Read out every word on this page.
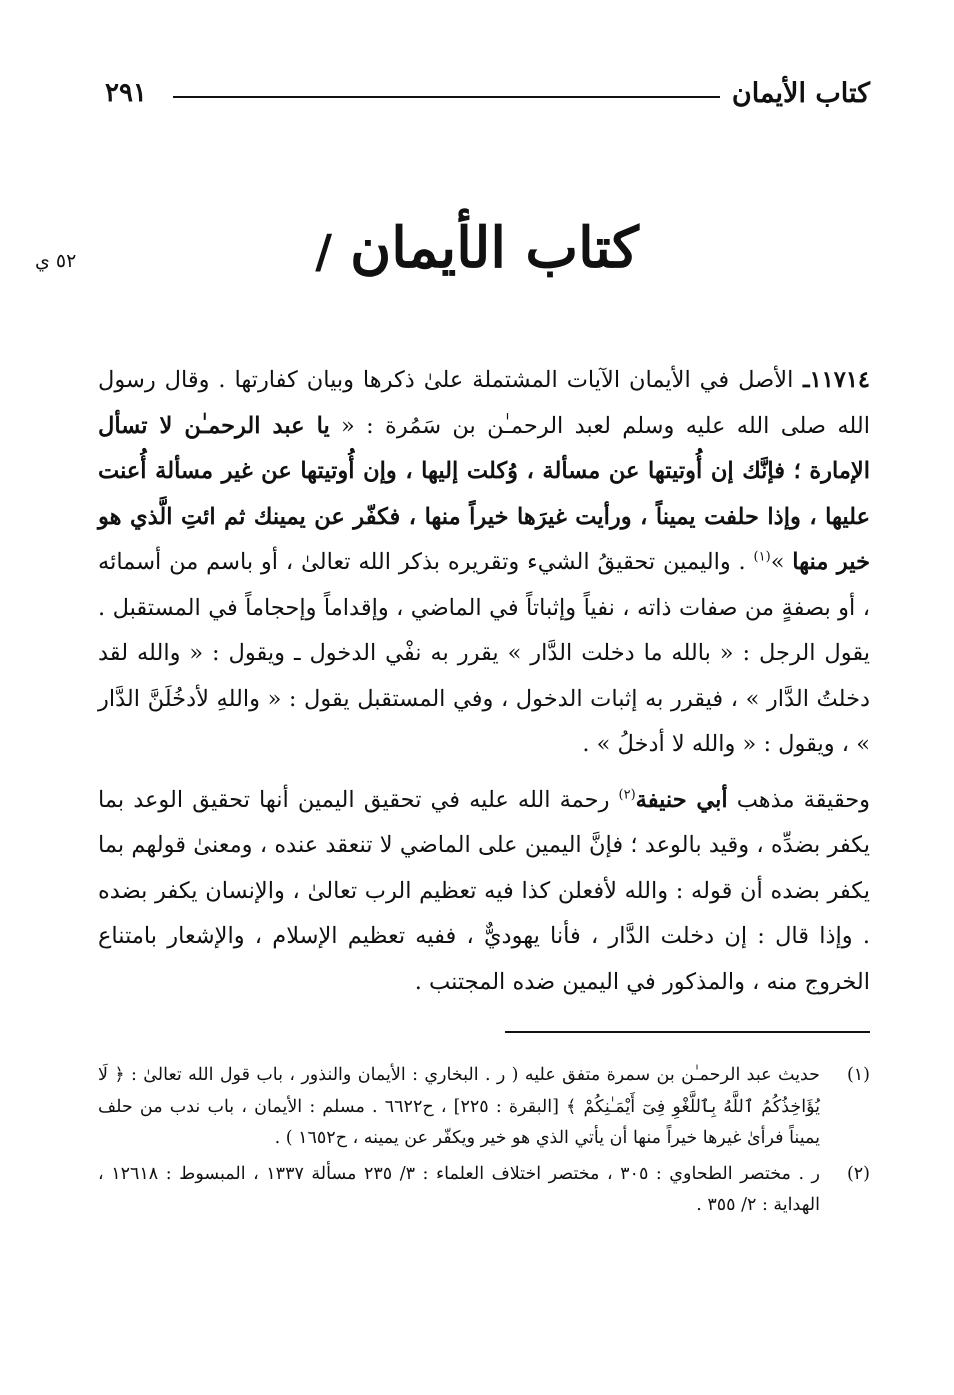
كتاب الأيمان
٢٩١
٥٢ ي	كتاب الأيمان/

١١٧١٤ـ الأصل في الأيمان الآيات المشتملة علىٰ ذكرها وبيان كفارتها . وقال رسول الله صلى الله عليه وسلم لعبد الرحمـٰن بن سَمُرة : « يا عبد الرحمـٰن لا تسأل الإمارة ؛ فإنَّك إن أُوتيتها عن مسألة ، وُكلت إليها ، وإن أُوتيتها عن غير مسألة أُعنت عليها ، وإذا حلفت يميناً ، ورأيت غيرَها خيراً منها ، فكفّر عن يمينك ثم ائتِ الَّذي هو خير منها »$^{(١)}$ . واليمين تحقيقُ الشيء وتقريره بذكر الله تعالىٰ ، أو باسم من أسمائه ، أو بصفةٍ من صفات ذاته ، نفياً وإثباتاً في الماضي ، وإقداماً وإحجاماً في المستقبل . يقول الرجل : « بالله ما دخلت الدَّار » يقرر به نفْي الدخول ـ ويقول : « والله لقد دخلتُ الدَّار » ، فيقرر به إثبات الدخول ، وفي المستقبل يقول : « واللهِ لأدخُلَنَّ الدَّار » ، ويقول : « والله لا أدخلُ » .

وحقيقة مذهب أبي حنيفة$^{(٢)}$ رحمة الله عليه في تحقيق اليمين أنها تحقيق الوعد بما يكفر بضدِّه ، وقيد بالوعد ؛ فإنَّ اليمين على الماضي لا تنعقد عنده ، ومعنىٰ قولهم بما يكفر بضده أن قوله : والله لأفعلن كذا فيه تعظيم الرب تعالىٰ ، والإنسان يكفر بضده . وإذا قال : إن دخلت الدَّار ، فأنا يهوديٌّ ، ففيه تعظيم الإسلام ، والإشعار بامتناع الخروج منه ، والمذكور في اليمين ضده المجتنب .

(١)
حديث عبد الرحمـٰن بن سمرة متفق عليه ( ر . البخاري : الأيمان والنذور ، باب قول الله تعالىٰ : ﴿ لَا يُؤَاخِذُكُمُ ٱللَّهُ بِٱللَّغْوِ فِىٓ أَيْمَـٰنِكُمْ ﴾ [البقرة : ٢٢٥] ، ح٦٦٢٢ . مسلم : الأيمان ، باب ندب من حلف يميناً فرأىٰ غيرها خيراً منها أن يأتي الذي هو خير ويكفّر عن يمينه ، ح١٦٥٢ ) .
(٢)
ر . مختصر الطحاوي : ٣٠٥ ، مختصر اختلاف العلماء : ٣/ ٢٣٥ مسألة ١٣٣٧ ، المبسوط : ١٢٦١٨ ، الهداية : ٢/ ٣٥٥ .
